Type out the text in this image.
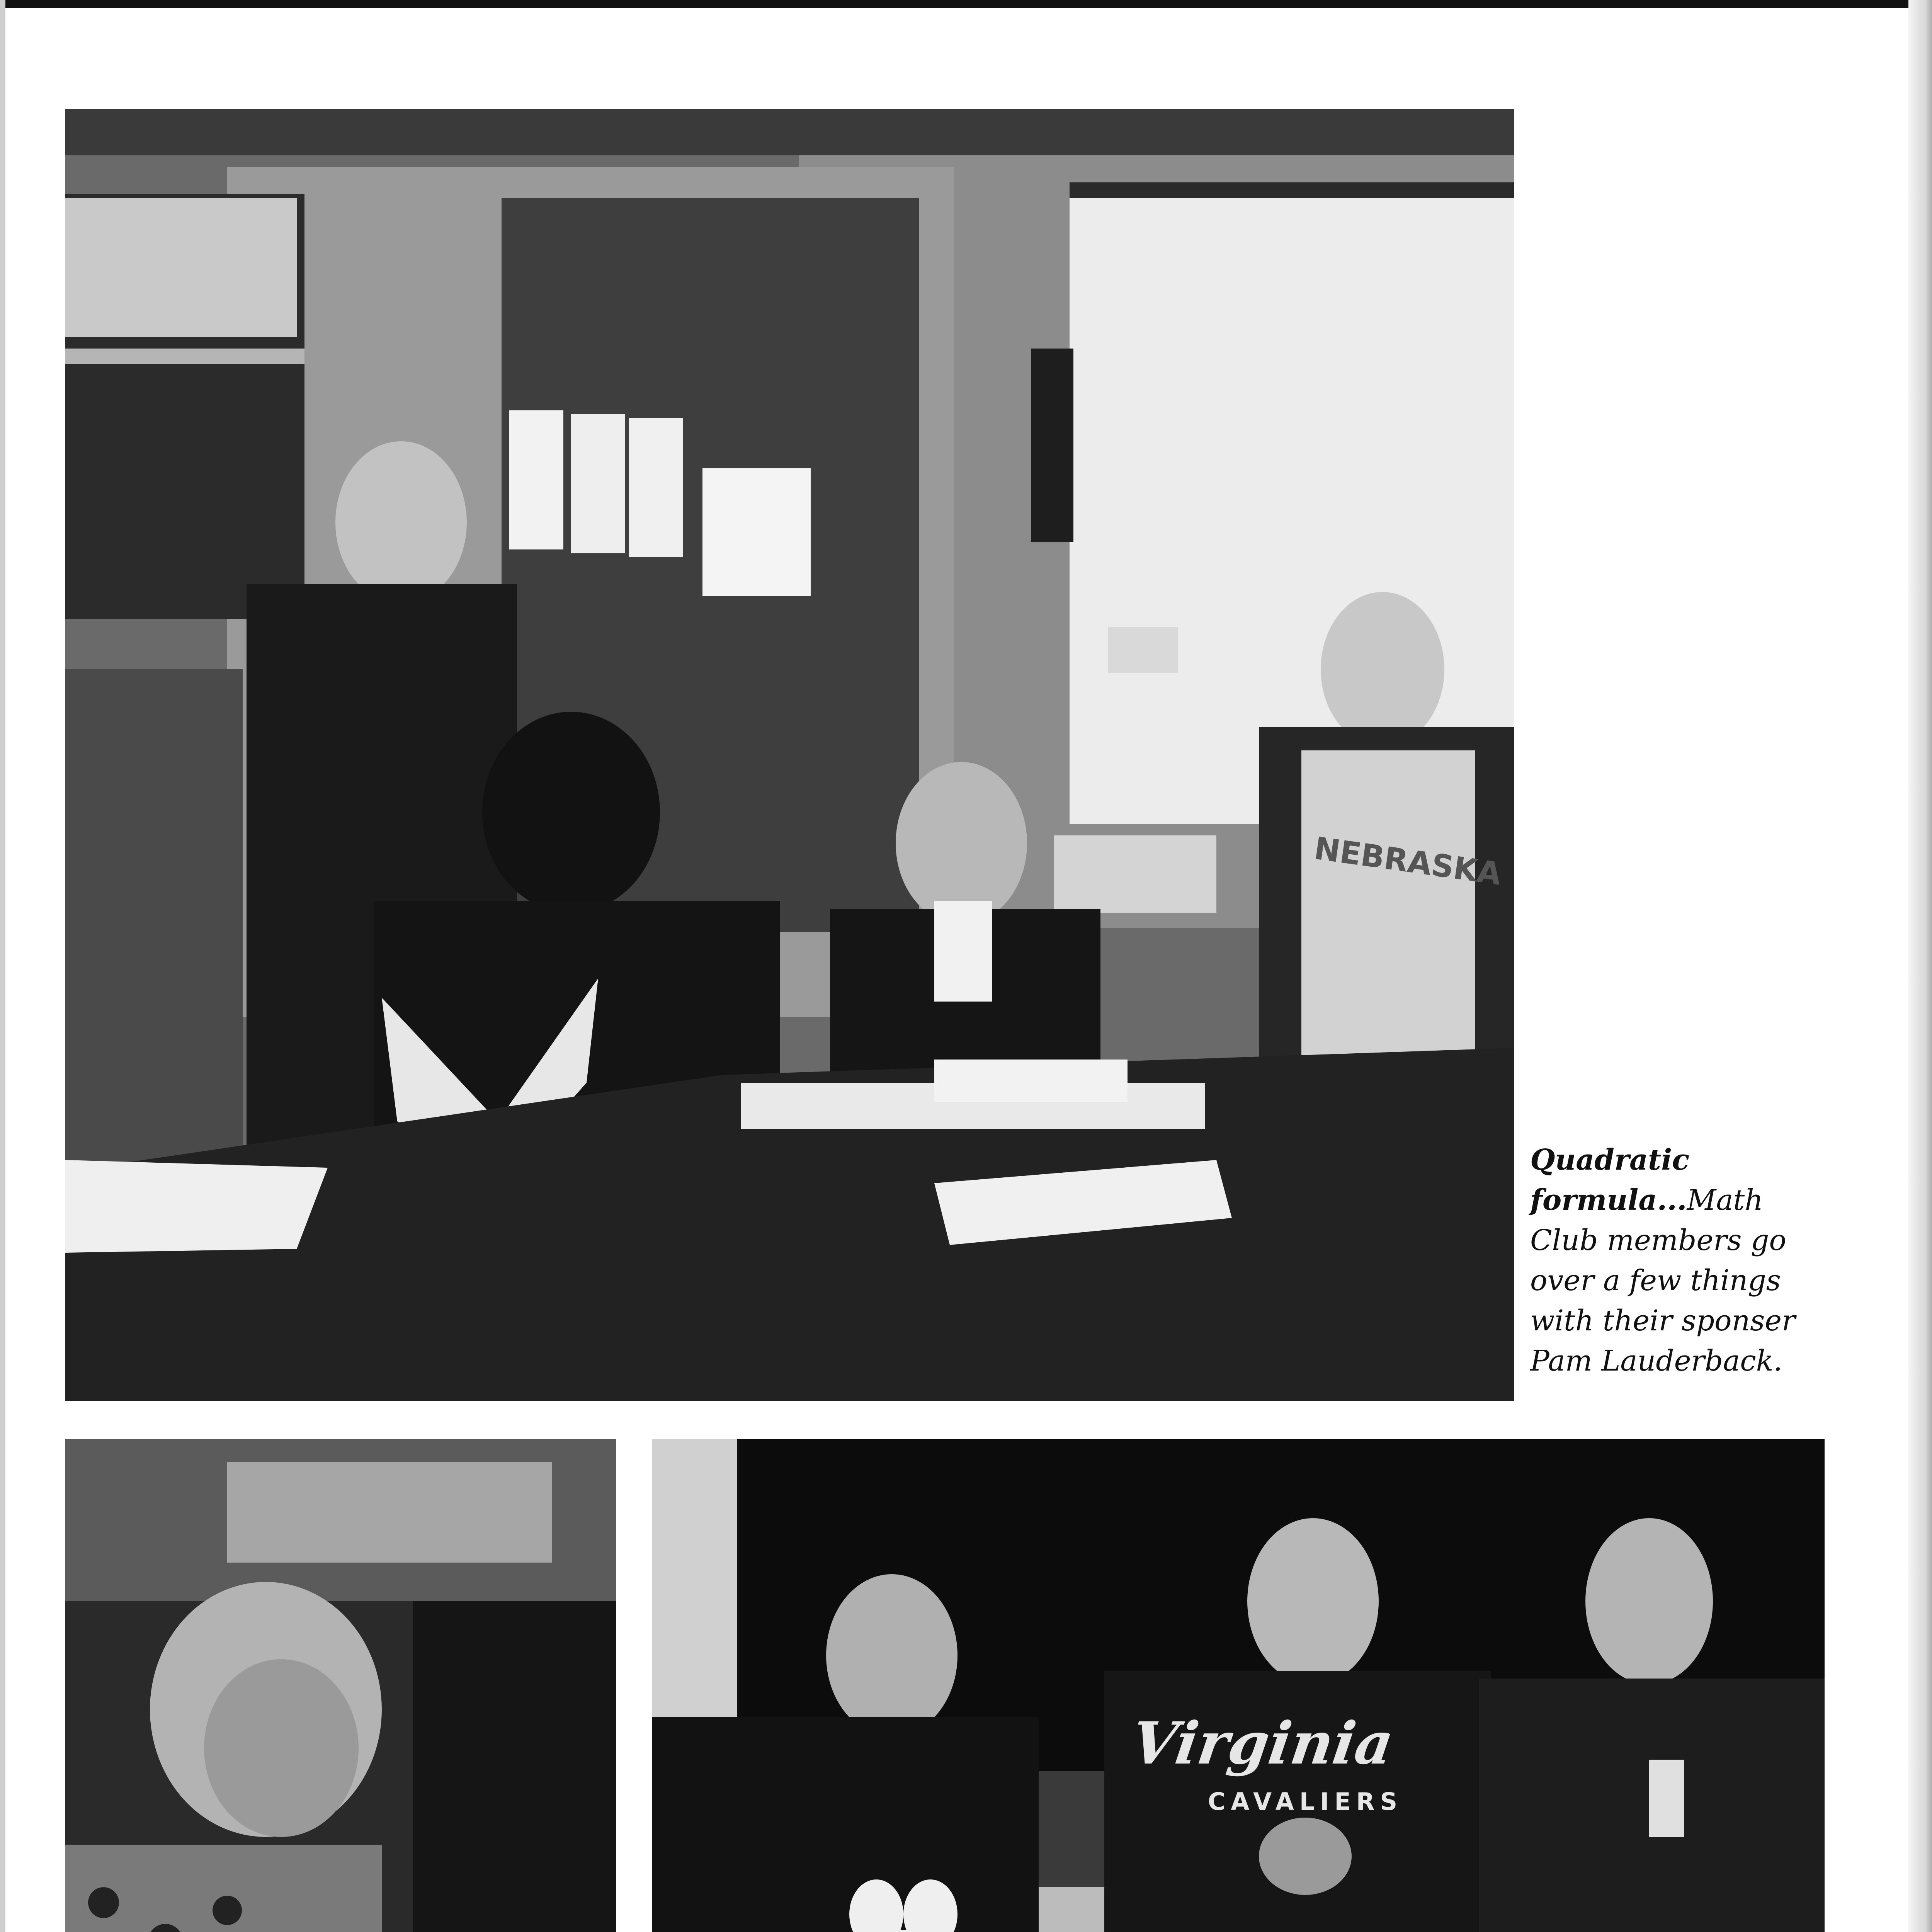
NEBRASKA
Quadratic formula...Math Club members go over a few things with their sponser Pam Lauderback.
Virginia
CAVALIERS
